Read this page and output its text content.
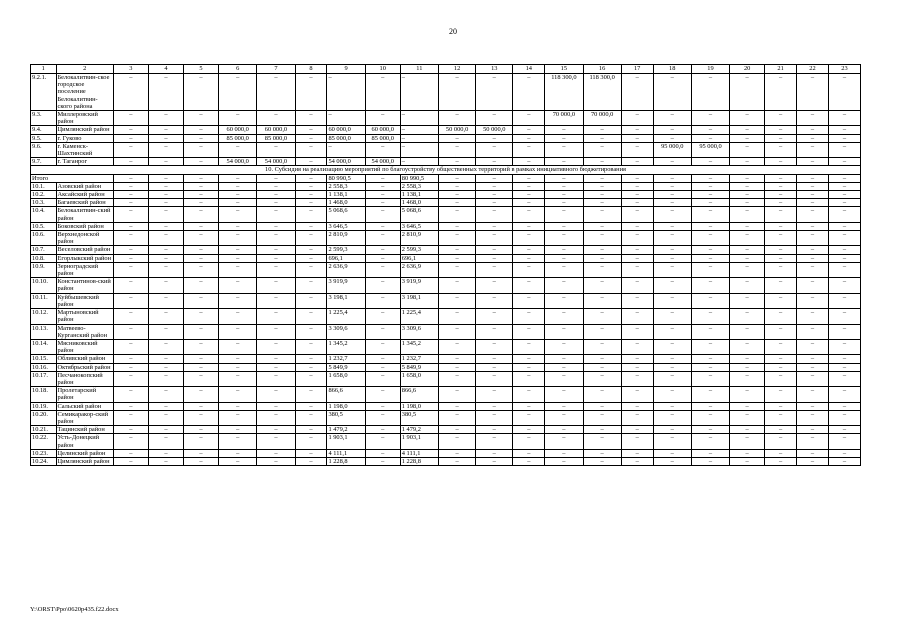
20
1	2	3	4	5	6	7	8	9	10	11	12	13	14	15	16	17	18	19	20	21	22	23
9.2.1.	Белокалитвин-ское городское поселение Белокалитвин-ского района	–	–	–	–	–	–	–	–	–	–	–	–	118 300,0	118 300,0	–	–	–	–	–	–	–
9.3.	Миллеровский район	–	–	–	–	–	–	–	–	–	–	–	–	70 000,0	70 000,0	–	–	–	–	–	–	–
9.4.	Цимлянский район	–	–	–	60 000,0	60 000,0	–	60 000,0	60 000,0	–	50 000,0	50 000,0	–	–	–	–	–	–	–	–	–	–
9.5.	г. Гуково	–	–	–	85 000,0	85 000,0	–	85 000,0	85 000,0	–	–	–	–	–	–	–	–	–	–	–	–	–
9.6.	г. Каменск-Шахтинский	–	–	–	–	–	–	–	–	–	–	–	–	–	–	–	95 000,0	95 000,0	–	–	–	–
9.7.	г. Таганрог	–	–	–	54 000,0	54 000,0	–	54 000,0	54 000,0	–	–	–	–	–	–	–	–	–	–	–	–	–
10. Субсидия на реализацию мероприятий по благоустройству общественных территорий в рамках инициативного бюджетирования																						
Итого		–	–	–	–	–	–	80 990,5	–	80 990,5	–	–	–	–	–	–	–	–	–	–	–	–
10.1.	Азовский район	–	–	–	–	–	–	2 558,3	–	2 558,3	–	–	–	–	–	–	–	–	–	–	–	–
10.2.	Аксайский район	–	–	–	–	–	–	1 138,1	–	1 138,1	–	–	–	–	–	–	–	–	–	–	–	–
10.3.	Багаевский район	–	–	–	–	–	–	1 468,0	–	1 468,0	–	–	–	–	–	–	–	–	–	–	–	–
10.4.	Белокалитвин-ский район	–	–	–	–	–	–	5 068,6	–	5 068,6	–	–	–	–	–	–	–	–	–	–	–	–
10.5.	Боковский район	–	–	–	–	–	–	3 646,5	–	3 646,5	–	–	–	–	–	–	–	–	–	–	–	–
10.6.	Верхнедонской район	–	–	–	–	–	–	2 810,9	–	2 810,9	–	–	–	–	–	–	–	–	–	–	–	–
10.7.	Веселовский район	–	–	–	–	–	–	2 599,3	–	2 599,3	–	–	–	–	–	–	–	–	–	–	–	–
10.8.	Егорлыкский район	–	–	–	–	–	–	696,1	–	696,1	–	–	–	–	–	–	–	–	–	–	–	–
10.9.	Зерноградский район	–	–	–	–	–	–	2 636,9	–	2 636,9	–	–	–	–	–	–	–	–	–	–	–	–
10.10.	Константинов-ский район	–	–	–	–	–	–	3 919,9	–	3 919,9	–	–	–	–	–	–	–	–	–	–	–	–
10.11.	Куйбышевский район	–	–	–	–	–	–	3 198,1	–	3 198,1	–	–	–	–	–	–	–	–	–	–	–	–
10.12.	Мартыновский район	–	–	–	–	–	–	1 225,4	–	1 225,4	–	–	–	–	–	–	–	–	–	–	–	–
10.13.	Матвеево-Курганский район	–	–	–	–	–	–	3 309,6	–	3 309,6	–	–	–	–	–	–	–	–	–	–	–	–
10.14.	Мясниковский район	–	–	–	–	–	–	1 345,2	–	1 345,2	–	–	–	–	–	–	–	–	–	–	–	–
10.15.	Обливский район	–	–	–	–	–	–	1 232,7	–	1 232,7	–	–	–	–	–	–	–	–	–	–	–	–
10.16.	Октябрьский район	–	–	–	–	–	–	5 849,9	–	5 849,9	–	–	–	–	–	–	–	–	–	–	–	–
10.17.	Песчанокопский район	–	–	–	–	–	–	1 658,0	–	1 658,0	–	–	–	–	–	–	–	–	–	–	–	–
10.18.	Пролетарский район	–	–	–	–	–	–	866,6	–	866,6	–	–	–	–	–	–	–	–	–	–	–	–
10.19.	Сальский район	–	–	–	–	–	–	1 198,0	–	1 198,0	–	–	–	–	–	–	–	–	–	–	–	–
10.20.	Семикаракор-ский район	–	–	–	–	–	–	380,5	–	380,5	–	–	–	–	–	–	–	–	–	–	–	–
10.21.	Тацинский район	–	–	–	–	–	–	1 479,2	–	1 479,2	–	–	–	–	–	–	–	–	–	–	–	–
10.22.	Усть-Донецкий район	–	–	–	–	–	–	1 903,1	–	1 903,1	–	–	–	–	–	–	–	–	–	–	–	–
10.23.	Целинский район	–	–	–	–	–	–	4 111,1	–	4 111,1	–	–	–	–	–	–	–	–	–	–	–	–
10.24.	Цимлянский район	–	–	–	–	–	–	1 228,8	–	1 228,8	–	–	–	–	–	–	–	–	–	–	–	–
Y:\ORST\Ppo\0620p435.f22.docx
